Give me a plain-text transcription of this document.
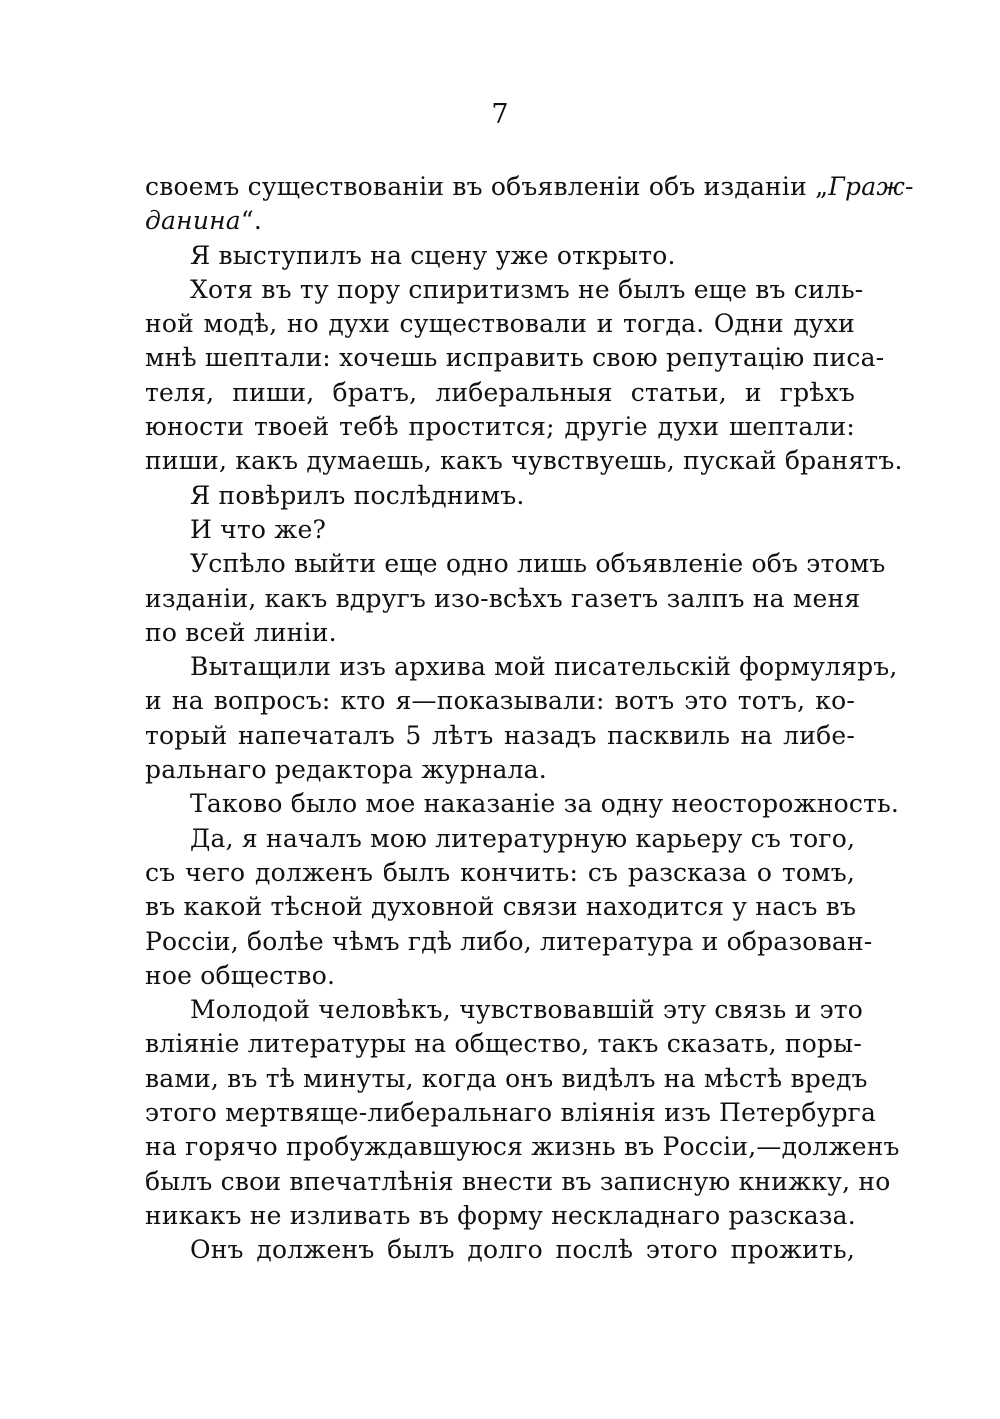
7
своемъ существованіи въ объявленіи объ изданіи „Граж-
данина“.
Я выступилъ на сцену уже открыто.
Хотя въ ту пору спиритизмъ не былъ еще въ силь-
ной модѣ, но духи существовали и тогда. Одни духи
мнѣ шептали: хочешь исправить свою репутацію писа-
теля, пиши, братъ, либеральныя статьи, и грѣхъ
юности твоей тебѣ простится; другіе духи шептали:
пиши, какъ думаешь, какъ чувствуешь, пускай бранятъ.
Я повѣрилъ послѣднимъ.
И что же?
Успѣло выйти еще одно лишь объявленіе объ этомъ
изданіи, какъ вдругъ изо-всѣхъ газетъ залпъ на меня
по всей линіи.
Вытащили изъ архива мой писательскій формуляръ,
и на вопросъ: кто я—показывали: вотъ это тотъ, ко-
торый напечаталъ 5 лѣтъ назадъ пасквиль на либе-
ральнаго редактора журнала.
Таково было мое наказаніе за одну неосторожность.
Да, я началъ мою литературную карьеру съ того,
съ чего долженъ былъ кончить: съ разсказа о томъ,
въ какой тѣсной духовной связи находится у насъ въ
Россіи, болѣе чѣмъ гдѣ либо, литература и образован-
ное общество.
Молодой человѣкъ, чувствовавшій эту связь и это
вліяніе литературы на общество, такъ сказать, поры-
вами, въ тѣ минуты, когда онъ видѣлъ на мѣстѣ вредъ
этого мертвяще-либеральнаго вліянія изъ Петербурга
на горячо пробуждавшуюся жизнь въ Россіи,—долженъ
былъ свои впечатлѣнія внести въ записную книжку, но
никакъ не изливать въ форму нескладнаго разсказа.
Онъ долженъ былъ долго послѣ этого прожить,
